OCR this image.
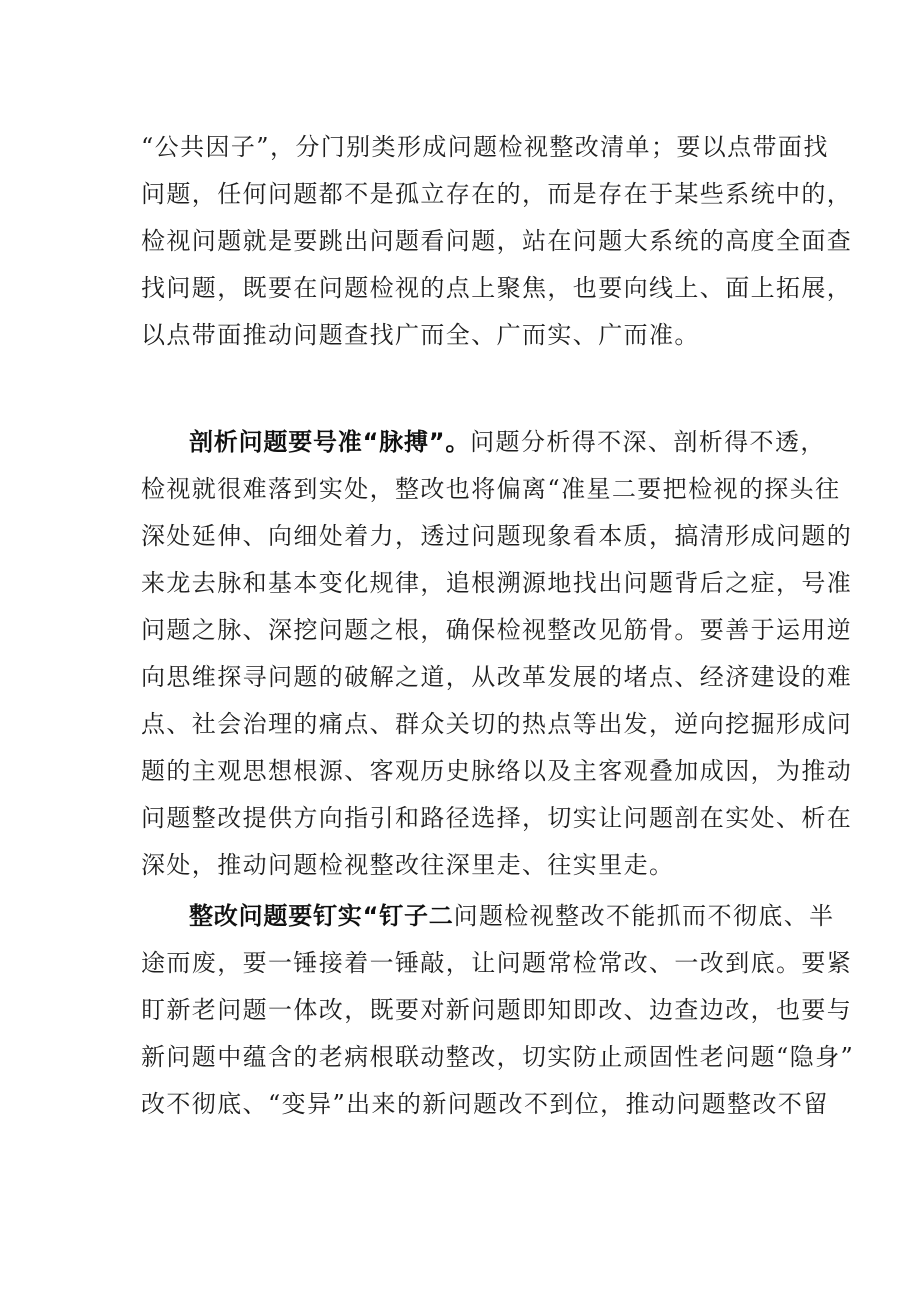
“公共因子”，分门别类形成问题检视整改清单；要以点带面找
问题，任何问题都不是孤立存在的，而是存在于某些系统中的，
检视问题就是要跳出问题看问题，站在问题大系统的高度全面查
找问题，既要在问题检视的点上聚焦，也要向线上、面上拓展，
以点带面推动问题查找广而全、广而实、广而准。
剖析问题要号准“脉搏”。问题分析得不深、剖析得不透，
检视就很难落到实处，整改也将偏离“准星二要把检视的探头往
深处延伸、向细处着力，透过问题现象看本质，搞清形成问题的
来龙去脉和基本变化规律，追根溯源地找出问题背后之症，号准
问题之脉、深挖问题之根，确保检视整改见筋骨。要善于运用逆
向思维探寻问题的破解之道，从改革发展的堵点、经济建设的难
点、社会治理的痛点、群众关切的热点等出发，逆向挖掘形成问
题的主观思想根源、客观历史脉络以及主客观叠加成因，为推动
问题整改提供方向指引和路径选择，切实让问题剖在实处、析在
深处，推动问题检视整改往深里走、往实里走。
整改问题要钉实“钉子二问题检视整改不能抓而不彻底、半
途而废，要一锤接着一锤敲，让问题常检常改、一改到底。要紧
盯新老问题一体改，既要对新问题即知即改、边查边改，也要与
新问题中蕴含的老病根联动整改，切实防止顽固性老问题“隐身”
改不彻底、“变异”出来的新问题改不到位，推动问题整改不留
